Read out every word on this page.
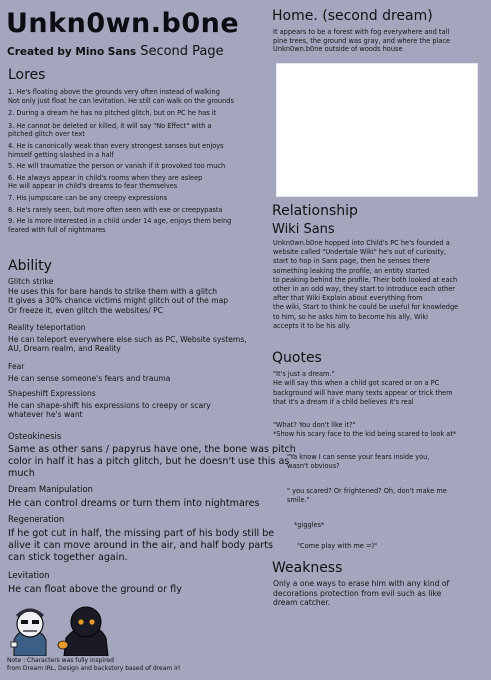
Unkn0wn.b0ne
Created by Mino Sans Second Page
Lores
1. He's floating above the grounds very often instead of walking
Not only just float he can levitation. He still can walk on the grounds
2. During a dream he has no pitched glitch, but on PC he has it
3. He cannot be deleted or killed, it will say "No Effect" with a
pitched glitch over text
4. He is canonically weak than every strongest sanses but enjoys
himself getting slashed in a half
5. He will traumatize the person or vanish if it provoked too much
6. He always appear in child's rooms when they are asleep
He will appear in child's dreams to fear themselves
7. His jumpscare can be any creepy expressions
8. He's rarely seen, but more often seen with exe or creepypasta
9. He is more interested in a child under 14 age, enjoys them being
feared with full of nightmares
Ability
Glitch strike
He uses this for bare hands to strike them with a glitch
It gives a 30% chance victims might glitch out of the map
Or freeze it, even glitch the websites/ PC
Reality teleportation
He can teleport everywhere else such as PC, Website systems,
AU, Dream realm, and Reality
Fear
He can sense someone's fears and trauma
Shapeshift Expressions
He can shape-shift his expressions to creepy or scary
whatever he's want
Osteokinesis
Same as other sans / papyrus have one, the bone was pitch
color in half it has a pitch glitch, but he doesn't use this as
much
Dream Manipulation
He can control dreams or turn them into nightmares
Regeneration
If he got cut in half, the missing part of his body still be
alive it can move around in the air, and half body parts
can stick together again.
Levitation
He can float above the ground or fly
Note : Characters was fully inspired
from Dream IRL, Design and backstory based of dream irl
Home. (second dream)
It appears to be a forest with fog everywhere and tall
pine trees, the ground was gray, and where the place
Unkn0wn.b0ne outside of woods house
Relationship
Wiki Sans
Unkn0wn.b0ne hopped into Child's PC he's founded a
website called "Undertale Wiki" he's out of curiosity,
start to hop in Sans page, then he senses there
something leaking the profile, an entity started
to peaking behind the profile, Their both looked at each
other in an odd way, they start to introduce each other
after that Wiki Explain about everything from
the wiki, Start to think he could be useful for knowledge
to him, so he asks him to become his ally, Wiki
accepts it to be his ally.
Quotes
"It's just a dream."
He will say this when a child got scared or on a PC
background will have many texts appear or trick them
that it's a dream if a child believes it's real
"What? You don't like it?"
*Show his scary face to the kid being scared to look at*
"Ya know I can sense your fears inside you,
wasn't obvious?
" you scared? Or frightened? Oh, don't make me
smile."
*giggles*
"Come play with me =)"
Weakness
Only a one ways to erase him with any kind of
decorations protection from evil such as like
dream catcher.
